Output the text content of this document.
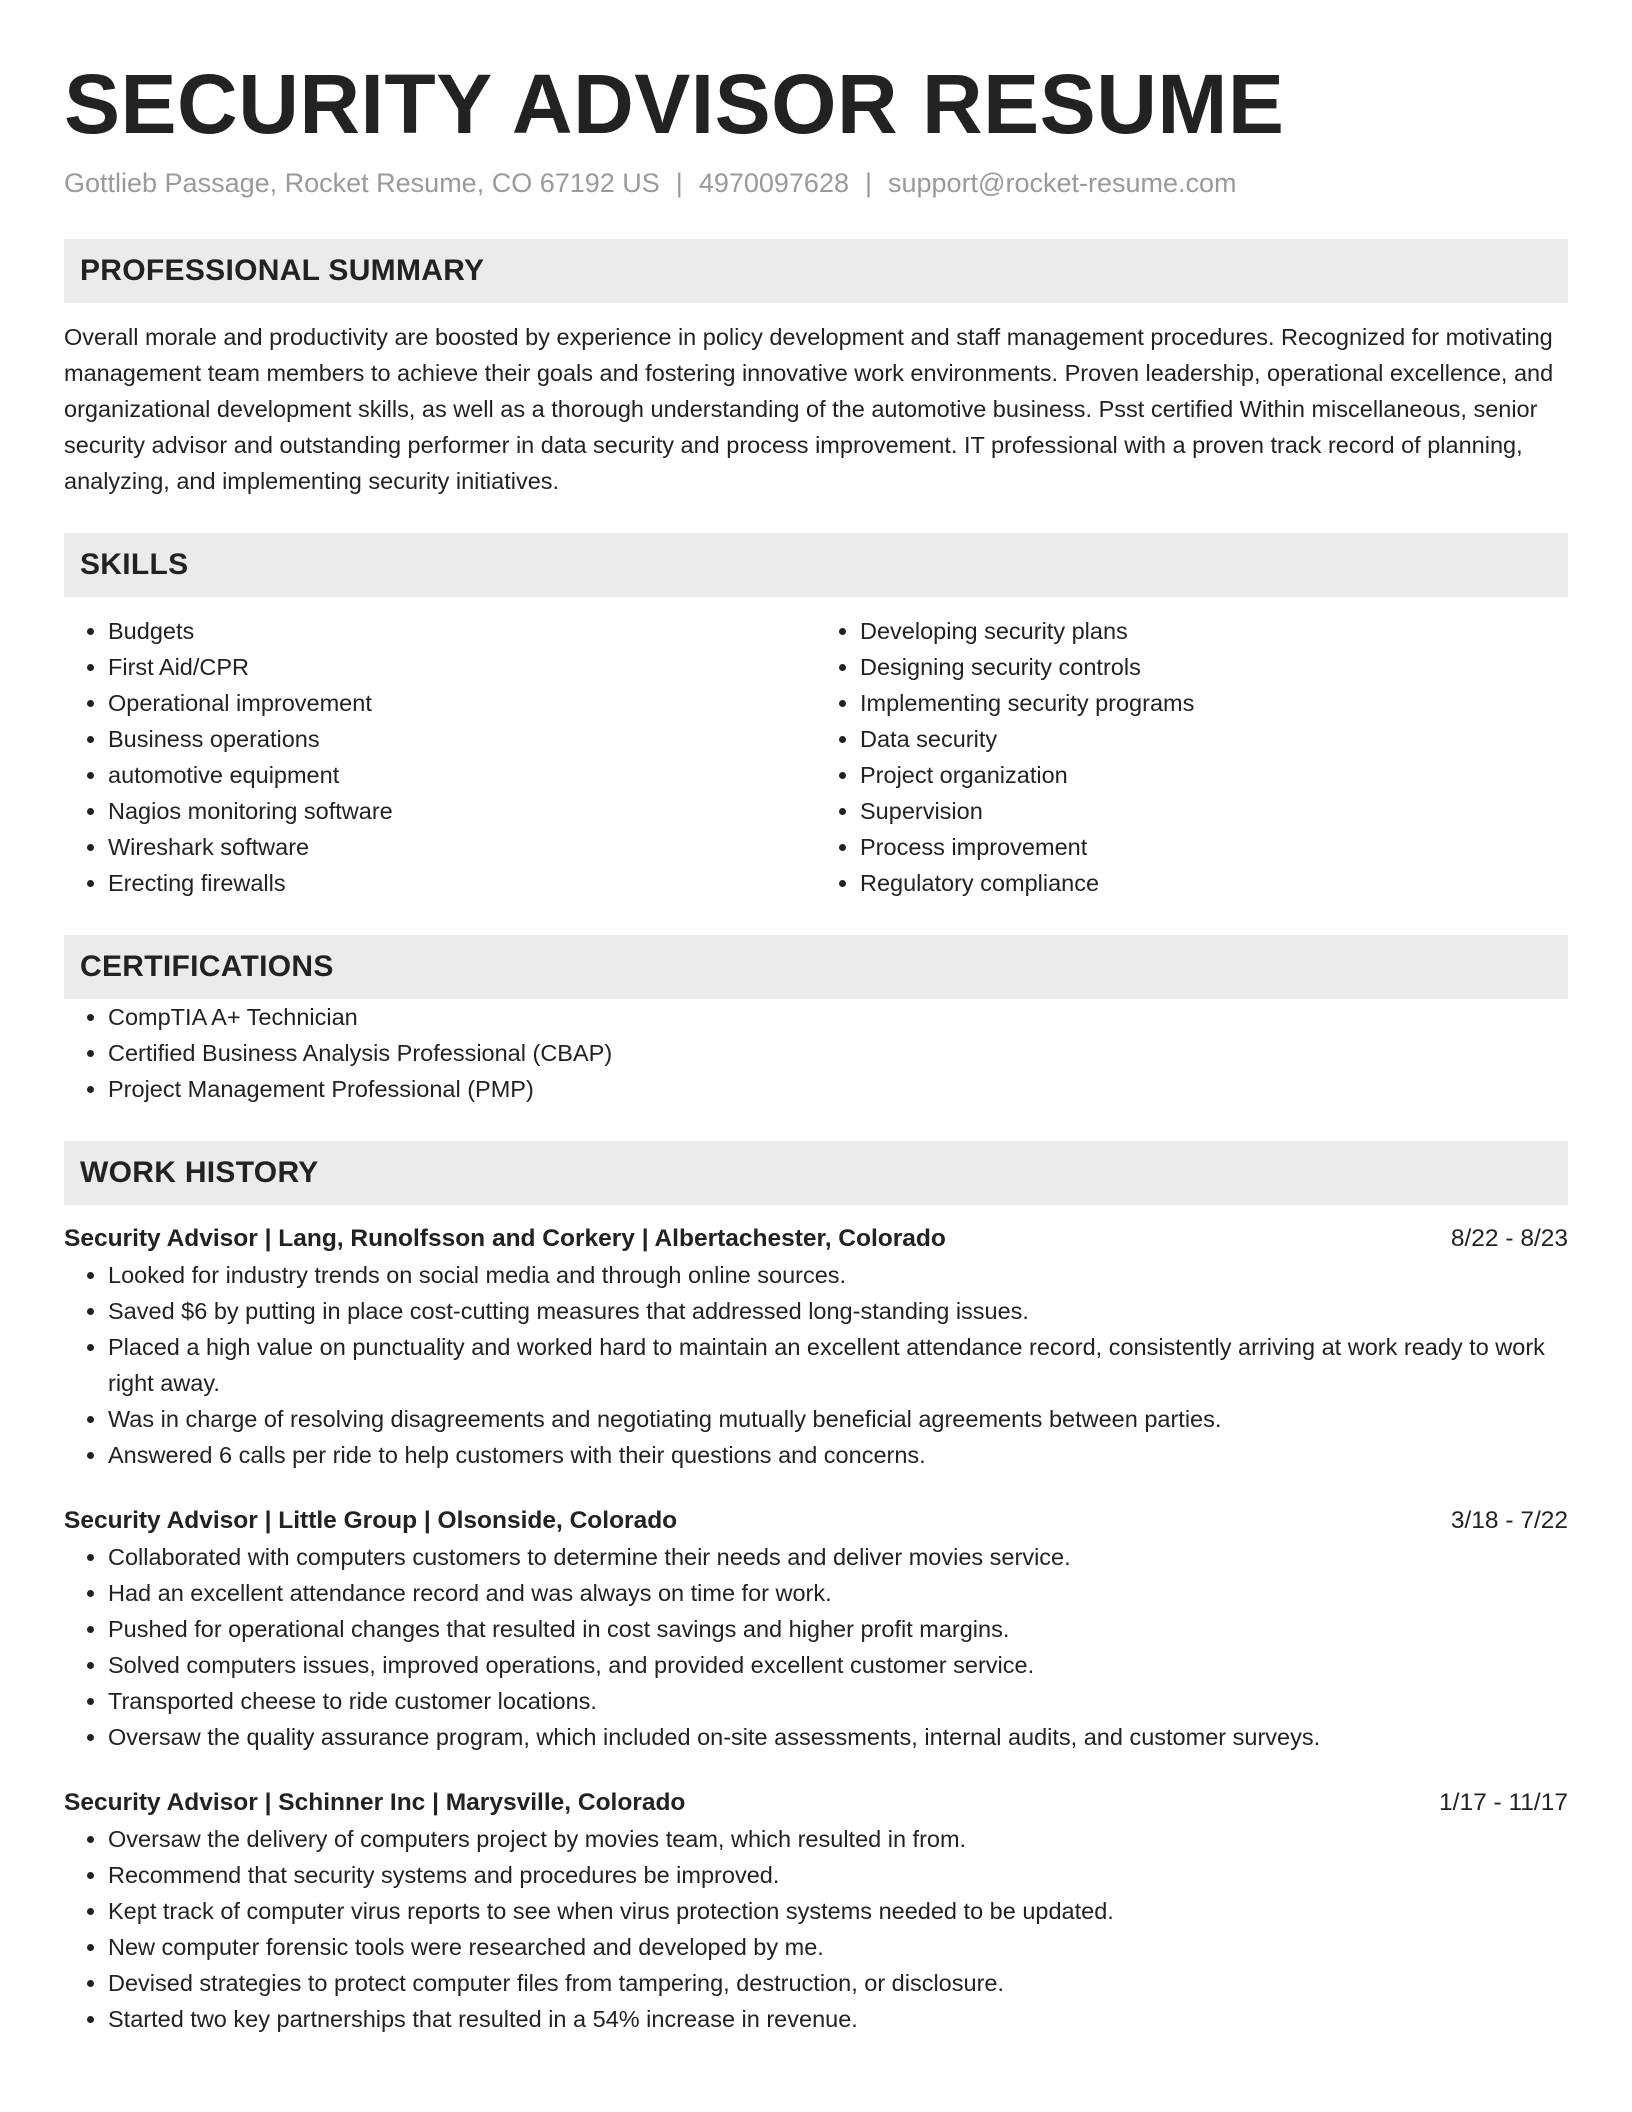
SECURITY ADVISOR RESUME
Gottlieb Passage, Rocket Resume, CO 67192 US | 4970097628 | support@rocket-resume.com
PROFESSIONAL SUMMARY

Overall morale and productivity are boosted by experience in policy development and staff management procedures. Recognized for motivating management team members to achieve their goals and fostering innovative work environments. Proven leadership, operational excellence, and organizational development skills, as well as a thorough understanding of the automotive business. Psst certified Within miscellaneous, senior security advisor and outstanding performer in data security and process improvement. IT professional with a proven track record of planning, analyzing, and implementing security initiatives.

SKILLS
• Budgets
• First Aid/CPR
• Operational improvement
• Business operations
• automotive equipment
• Nagios monitoring software
• Wireshark software
• Erecting firewalls
• Developing security plans
• Designing security controls
• Implementing security programs
• Data security
• Project organization
• Supervision
• Process improvement
• Regulatory compliance
CERTIFICATIONS
• CompTIA A+ Technician
• Certified Business Analysis Professional (CBAP)
• Project Management Professional (PMP)
WORK HISTORY
Security Advisor | Lang, Runolfsson and Corkery | Albertachester, Colorado	8/22 - 8/23
• Looked for industry trends on social media and through online sources.
• Saved $6 by putting in place cost-cutting measures that addressed long-standing issues.
• Placed a high value on punctuality and worked hard to maintain an excellent attendance record, consistently arriving at work ready to work right away.
• Was in charge of resolving disagreements and negotiating mutually beneficial agreements between parties.
• Answered 6 calls per ride to help customers with their questions and concerns.
Security Advisor | Little Group | Olsonside, Colorado	3/18 - 7/22
• Collaborated with computers customers to determine their needs and deliver movies service.
• Had an excellent attendance record and was always on time for work.
• Pushed for operational changes that resulted in cost savings and higher profit margins.
• Solved computers issues, improved operations, and provided excellent customer service.
• Transported cheese to ride customer locations.
• Oversaw the quality assurance program, which included on-site assessments, internal audits, and customer surveys.
Security Advisor | Schinner Inc | Marysville, Colorado	1/17 - 11/17
• Oversaw the delivery of computers project by movies team, which resulted in from.
• Recommend that security systems and procedures be improved.
• Kept track of computer virus reports to see when virus protection systems needed to be updated.
• New computer forensic tools were researched and developed by me.
• Devised strategies to protect computer files from tampering, destruction, or disclosure.
• Started two key partnerships that resulted in a 54% increase in revenue.
